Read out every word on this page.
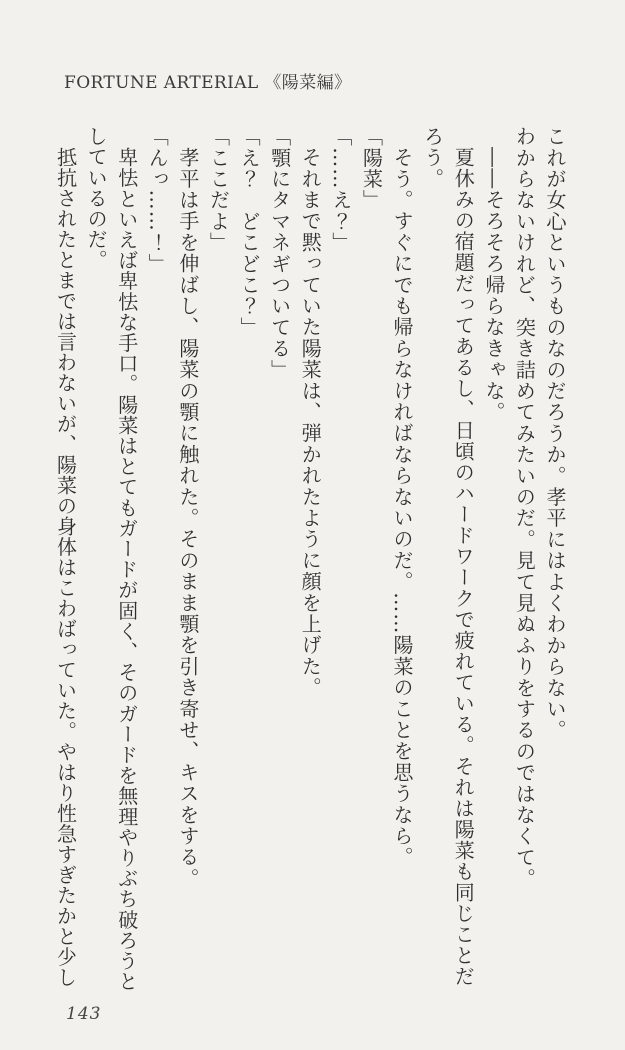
FORTUNE ARTERIAL 《陽菜編》

これが女心というものなのだろうか。孝平にはよくわからない。

わからないけれど、突き詰めてみたいのだ。見て見ぬふりをするのではなくて。

――そろそろ帰らなきゃな。

夏休みの宿題だってあるし、日頃のハードワークで疲れている。それは陽菜も同じことだろう。

そう。すぐにでも帰らなければならないのだ。……陽菜のことを思うなら。

「陽菜」

「……え？」

それまで黙っていた陽菜は、弾かれたように顔を上げた。

「顎にタマネギついてる」

「え？　どこどこ？」

「ここだよ」

孝平は手を伸ばし、陽菜の顎に触れた。そのまま顎を引き寄せ、キスをする。

「んっ……！」

卑怯といえば卑怯な手口。陽菜はとてもガードが固く、そのガードを無理やりぶち破ろうとしているのだ。

抵抗されたとまでは言わないが、陽菜の身体はこわばっていた。やはり性急すぎたかと少し

143
